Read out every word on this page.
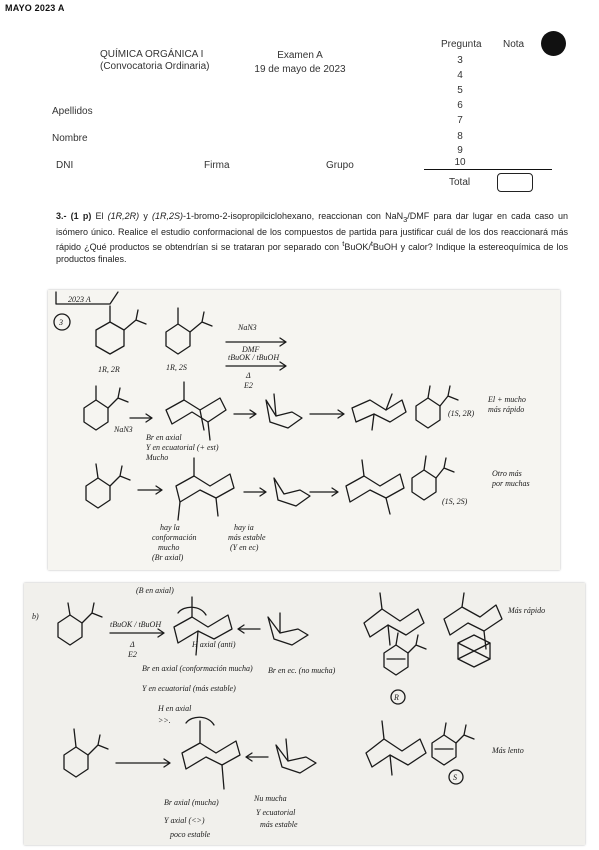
MAYO 2023 A
QUÍMICA ORGÁNICA I
(Convocatoria Ordinaria)
Examen A
19 de mayo de 2023
Apellidos
Nombre
DNI	Firma	Grupo
Pregunta Nota
3
4
5
6
7
8
9
10
Total
3.- (1 p) El (1R,2R) y (1R,2S)-1-bromo-2-isopropilciclohexano, reaccionan con NaN$_3$/DMF para dar lugar en cada caso un isómero único. Realice el estudio conformacional de los compuestos de partida para justificar cuál de los dos reaccionará más rápido ¿Qué productos se obtendrían si se trataran por separado con $^t$BuOK/$^t$BuOH y calor? Indique la estereoquímica de los productos finales.
2023 A
3
1R, 2R	1R, 2S
NaN3
DMF
tBuOK / tBuOH
Δ
E2
NaN3
Br en axial
Y en ecuatorial (+ est)
Mucho
(1S, 2R)
El + mucho
más rápido
(1S, 2S)
Otro más
por muchas
hay la
conformación
mucho
(Br axial)
hay ia
más estable
(Y en ec)
b)
tBuOK / tBuOH
Δ
E2
(B en axial)
H axial (anti)
Br en axial (conformación mucha)
Y en ecuatorial (más estable)
Br en ec. (no mucha)
Más rápido
R
H en axial
>>.
Br axial (mucha)
Y axial (<>)
poco estable
Nu mucha
Y ecuatorial
más estable
Más lento
S
